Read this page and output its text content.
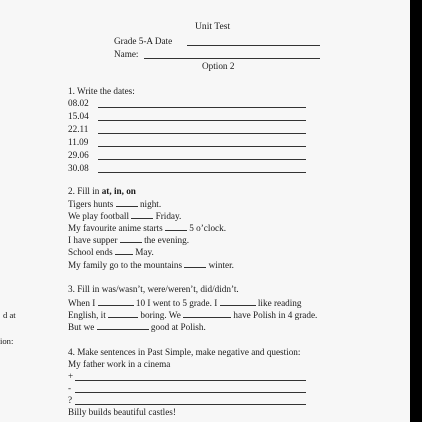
d at
ion:
Unit Test
Grade 5-A Date
Name:
Option 2
1. Write the dates:
08.02
15.04
22.11
11.09
29.06
30.08
2. Fill in at, in, on
Tigers hunts	night.
We play football	Friday.
My favourite anime starts	5 o’clock.
I have supper	the evening.
School ends May.
My family go to the mountains	winter.
3. Fill in was/wasn’t, were/weren’t, did/didn’t.
When I	10 I went to 5 grade. I	like reading
English, it	boring. We	have Polish in 4 grade.
But we	good at Polish.
4. Make sentences in Past Simple, make negative and question:
My father work in a cinema
+
-
?
Billy builds beautiful castles!
